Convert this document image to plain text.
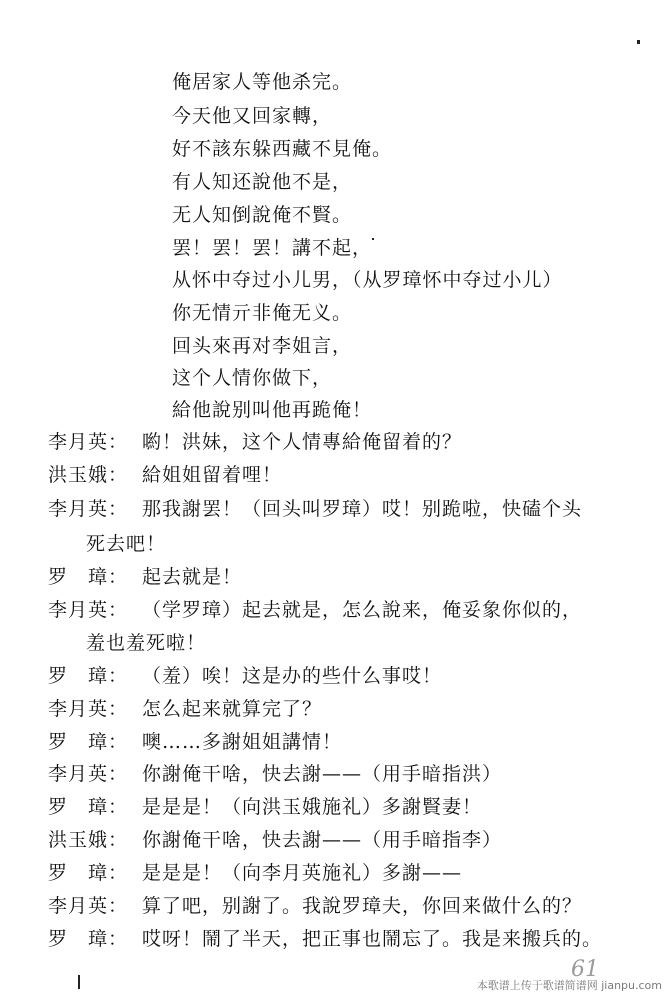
俺居家人等他杀完。
今天他又回家轉，
好不該东躲西藏不見俺。
有人知还說他不是，
无人知倒說俺不賢。
罢！罢！罢！講不起，
从怀中夺过小儿男，（从罗璋怀中夺过小儿）
你无情亓非俺无义。
回头來再对李姐言，
这个人情你做下，
給他說别叫他再跪俺！
李月英： 喲！洪妹，这个人情專給俺留着的？
洪玉娥： 給姐姐留着哩！
李月英： 那我謝罢！（回头叫罗璋）哎！别跪啦，快磕个头
死去吧！
罗　璋： 起去就是！
李月英： （学罗璋）起去就是，怎么說来，俺妥象你似的，
羞也羞死啦！
罗　璋： （羞）唉！这是办的些什么事哎！
李月英： 怎么起来就算完了？
罗　璋： 噢……多謝姐姐講情！
李月英： 你謝俺干啥，快去謝——（用手暗指洪）
罗　璋： 是是是！（向洪玉娥施礼）多謝賢妻！
洪玉娥： 你謝俺干啥，快去謝——（用手暗指李）
罗　璋： 是是是！（向李月英施礼）多謝——
李月英： 算了吧，别謝了。我說罗璋夫，你回来做什么的？
罗　璋： 哎呀！鬧了半天，把正事也鬧忘了。我是来搬兵的。
61
本歌谱上传于歌谱简谱网 jianpu.com
